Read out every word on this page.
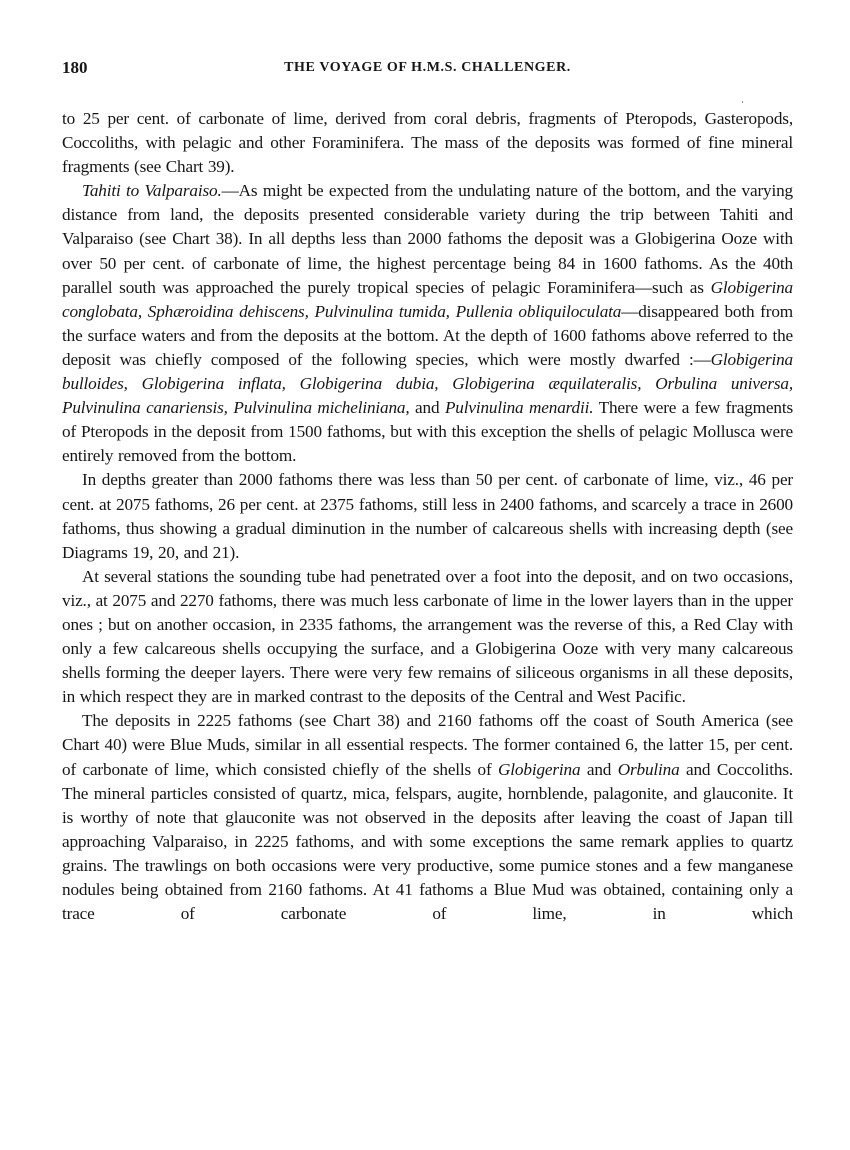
180	THE VOYAGE OF H.M.S. CHALLENGER.

to 25 per cent. of carbonate of lime, derived from coral debris, fragments of Pteropods, Gasteropods, Coccoliths, with pelagic and other Foraminifera. The mass of the deposits was formed of fine mineral fragments (see Chart 39).

Tahiti to Valparaiso.—As might be expected from the undulating nature of the bottom, and the varying distance from land, the deposits presented considerable variety during the trip between Tahiti and Valparaiso (see Chart 38). In all depths less than 2000 fathoms the deposit was a Globigerina Ooze with over 50 per cent. of carbonate of lime, the highest percentage being 84 in 1600 fathoms. As the 40th parallel south was approached the purely tropical species of pelagic Foraminifera—such as Globigerina conglobata, Sphæroidina dehiscens, Pulvinulina tumida, Pullenia obliquiloculata—disappeared both from the surface waters and from the deposits at the bottom. At the depth of 1600 fathoms above referred to the deposit was chiefly composed of the following species, which were mostly dwarfed :—Globigerina bulloides, Globigerina inflata, Globigerina dubia, Globigerina æquilateralis, Orbulina universa, Pulvinulina canariensis, Pulvinulina micheliniana, and Pulvinulina menardii. There were a few fragments of Pteropods in the deposit from 1500 fathoms, but with this exception the shells of pelagic Mollusca were entirely removed from the bottom.

In depths greater than 2000 fathoms there was less than 50 per cent. of carbonate of lime, viz., 46 per cent. at 2075 fathoms, 26 per cent. at 2375 fathoms, still less in 2400 fathoms, and scarcely a trace in 2600 fathoms, thus showing a gradual diminution in the number of calcareous shells with increasing depth (see Diagrams 19, 20, and 21).

At several stations the sounding tube had penetrated over a foot into the deposit, and on two occasions, viz., at 2075 and 2270 fathoms, there was much less carbonate of lime in the lower layers than in the upper ones ; but on another occasion, in 2335 fathoms, the arrangement was the reverse of this, a Red Clay with only a few calcareous shells occupying the surface, and a Globigerina Ooze with very many calcareous shells forming the deeper layers. There were very few remains of siliceous organisms in all these deposits, in which respect they are in marked contrast to the deposits of the Central and West Pacific.

The deposits in 2225 fathoms (see Chart 38) and 2160 fathoms off the coast of South America (see Chart 40) were Blue Muds, similar in all essential respects. The former contained 6, the latter 15, per cent. of carbonate of lime, which consisted chiefly of the shells of Globigerina and Orbulina and Coccoliths. The mineral particles consisted of quartz, mica, felspars, augite, hornblende, palagonite, and glauconite. It is worthy of note that glauconite was not observed in the deposits after leaving the coast of Japan till approaching Valparaiso, in 2225 fathoms, and with some exceptions the same remark applies to quartz grains. The trawlings on both occasions were very productive, some pumice stones and a few manganese nodules being obtained from 2160 fathoms. At 41 fathoms a Blue Mud was obtained, containing only a trace of carbonate of lime, in which
